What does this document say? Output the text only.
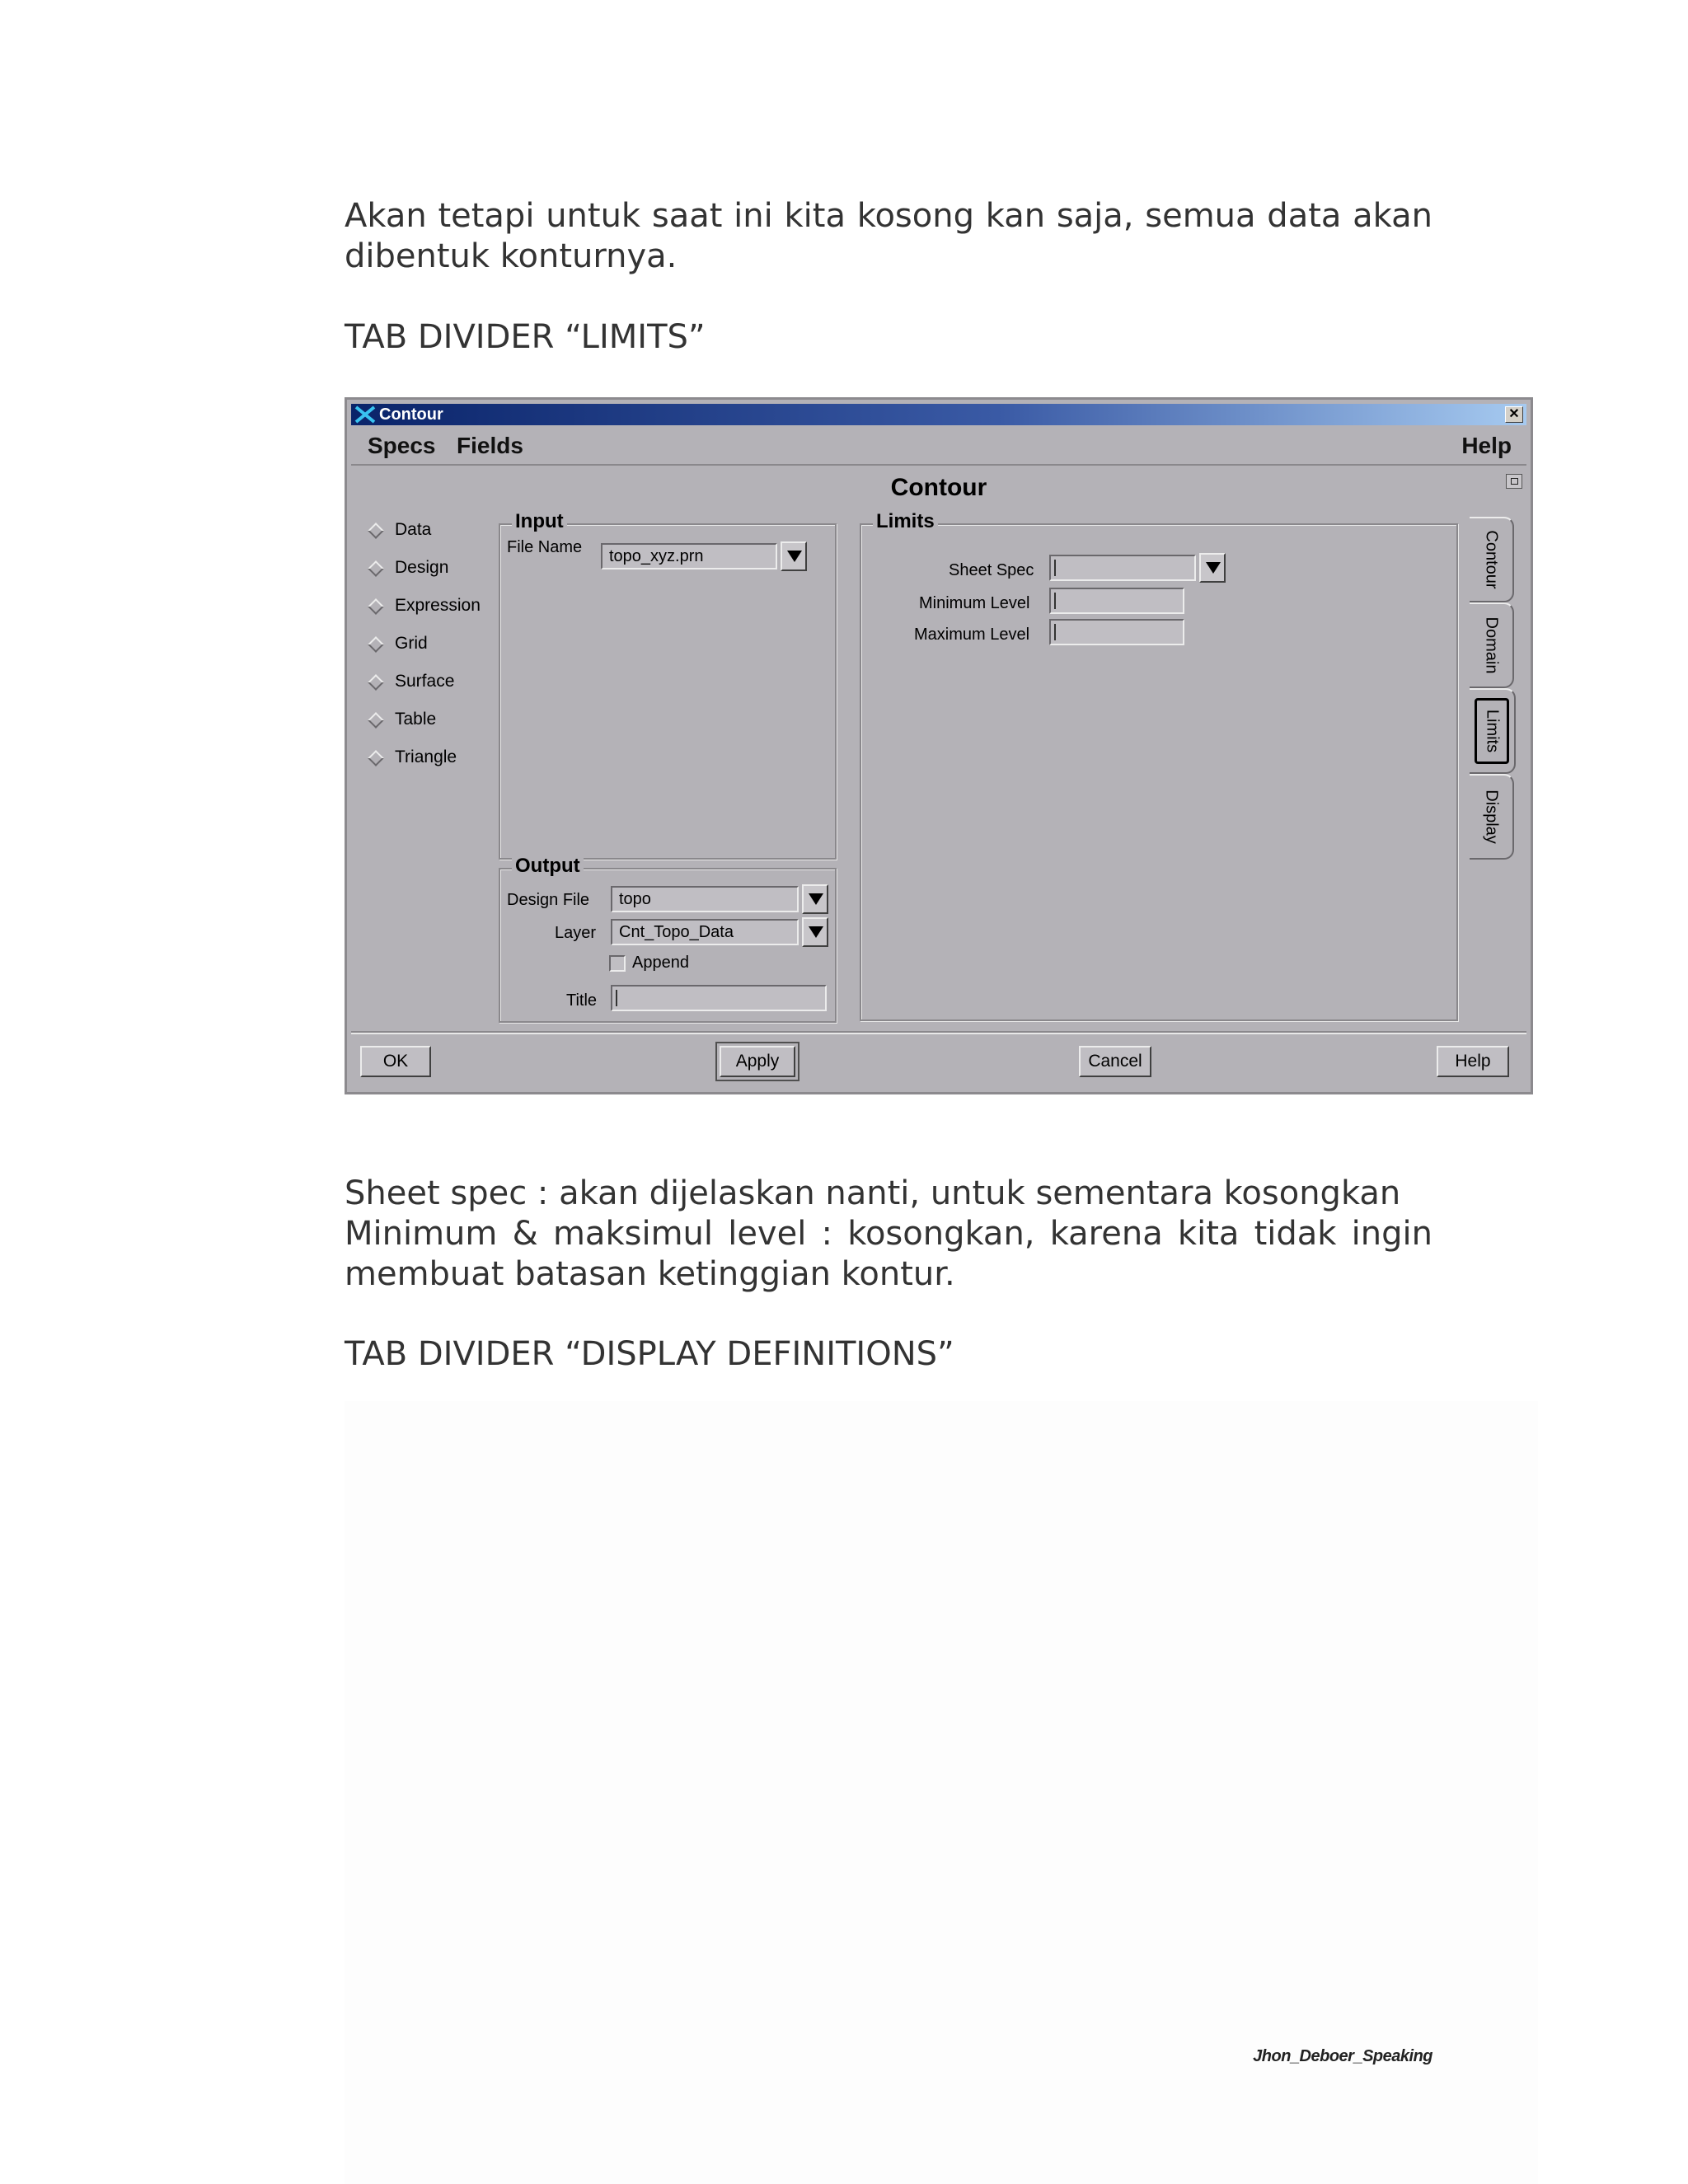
Akan tetapi untuk saat ini kita kosong kan saja, semua data akan dibentuk konturnya.
TAB DIVIDER “LIMITS”
Contour	✕
Specs Fields	Help
Contour
Data
Design
Expression
Grid
Surface
Table
Triangle
Input
File Name	topo_xyz.prn
Output
Design File	topo
Layer	Cnt_Topo_Data
Append
Title
Limits
Sheet Spec
Minimum Level
Maximum Level
Contour
Domain
Limits
Display
OK	Apply	Cancel	Help
Sheet spec : akan dijelaskan nanti, untuk sementara kosongkan
Minimum & maksimul level : kosongkan, karena kita tidak ingin membuat batasan ketinggian kontur.
TAB DIVIDER “DISPLAY DEFINITIONS”
Jhon_Deboer_Speaking
